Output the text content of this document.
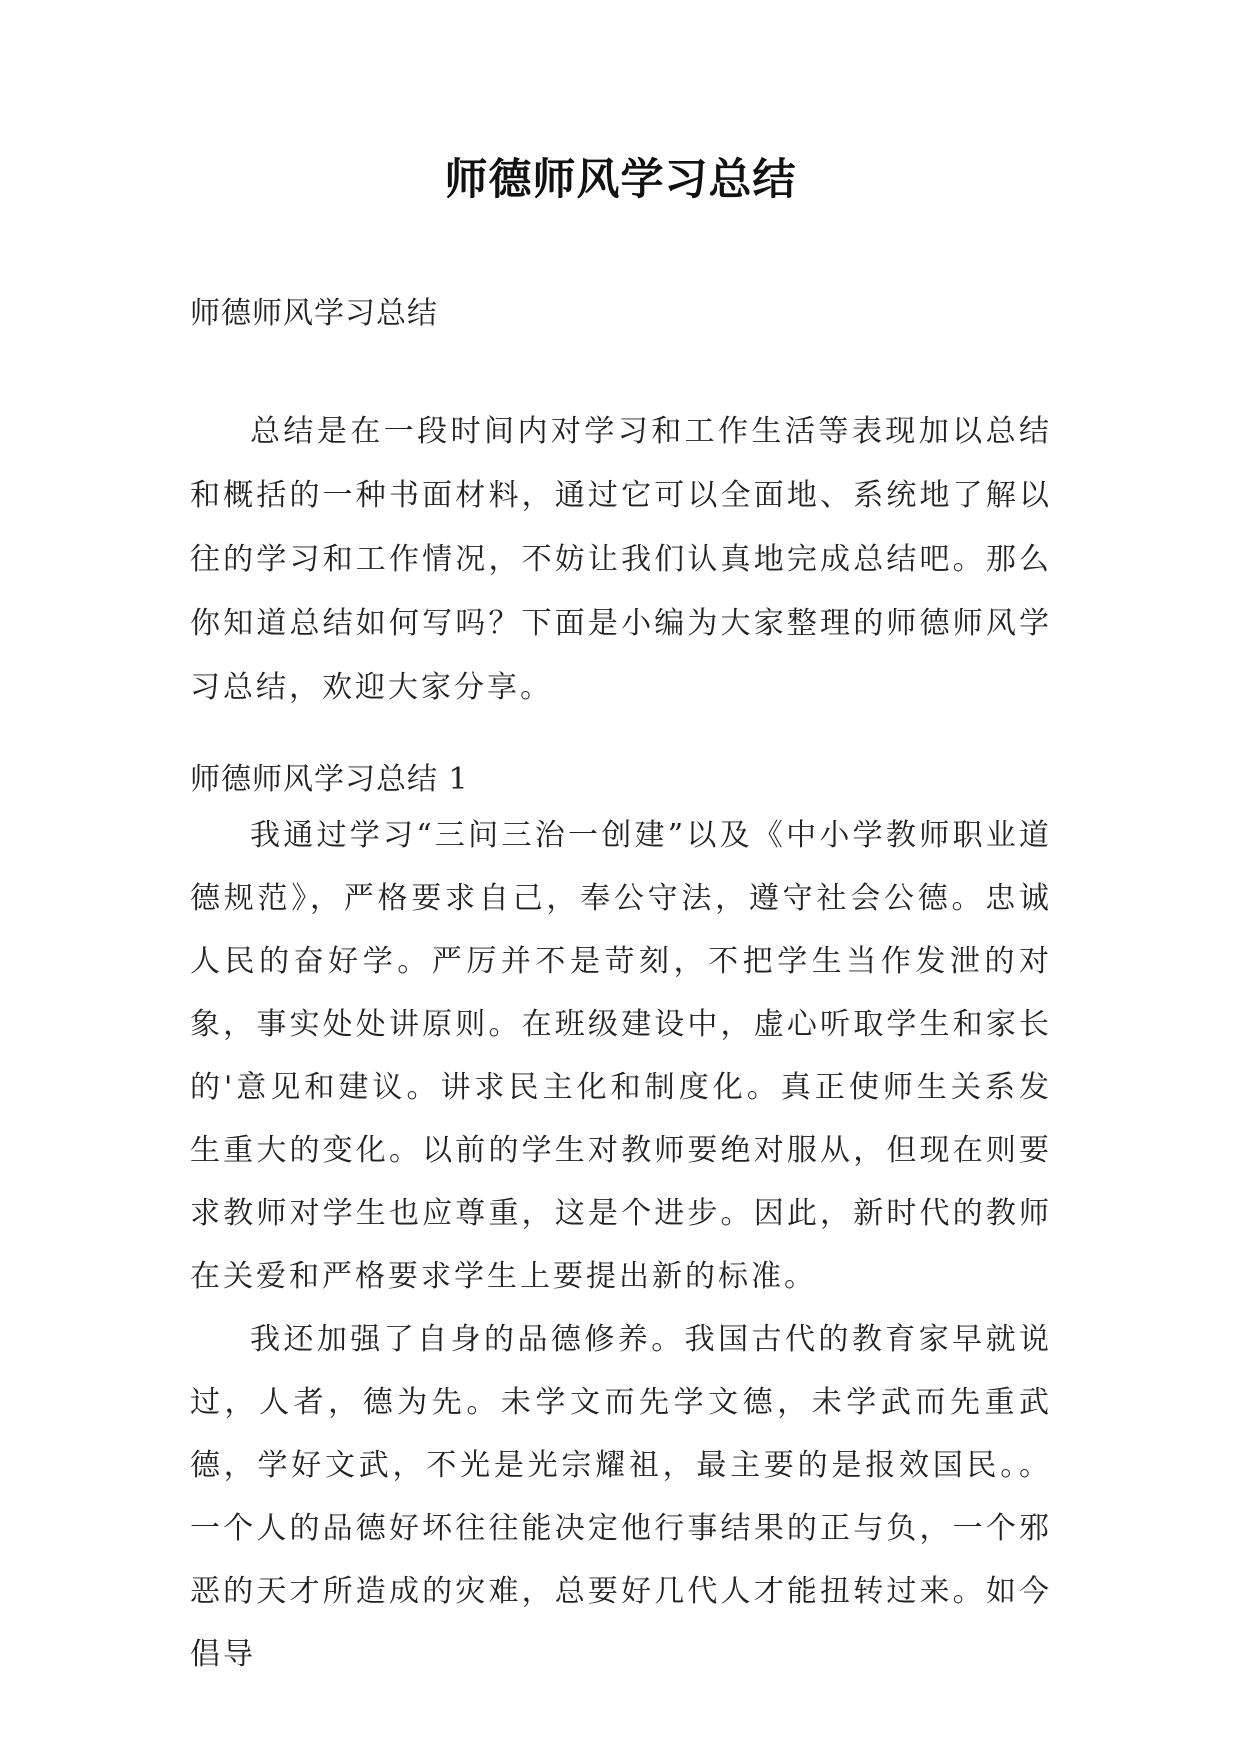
师德师风学习总结

师德师风学习总结

总结是在一段时间内对学习和工作生活等表现加以总结和概括的一种书面材料，通过它可以全面地、系统地了解以往的学习和工作情况，不妨让我们认真地完成总结吧。那么你知道总结如何写吗？下面是小编为大家整理的师德师风学习总结，欢迎大家分享。

师德师风学习总结 1

我通过学习“三问三治一创建”以及《中小学教师职业道德规范》，严格要求自己，奉公守法，遵守社会公德。忠诚人民的奋好学。严厉并不是苛刻，不把学生当作发泄的对象，事实处处讲原则。在班级建设中，虚心听取学生和家长的'意见和建议。讲求民主化和制度化。真正使师生关系发生重大的变化。以前的学生对教师要绝对服从，但现在则要求教师对学生也应尊重，这是个进步。因此，新时代的教师在关爱和严格要求学生上要提出新的标准。

我还加强了自身的品德修养。我国古代的教育家早就说过，人者，德为先。未学文而先学文德，未学武而先重武德，学好文武，不光是光宗耀祖，最主要的是报效国民。。一个人的品德好坏往往能决定他行事结果的正与负，一个邪恶的天才所造成的灾难，总要好几代人才能扭转过来。如今倡导
